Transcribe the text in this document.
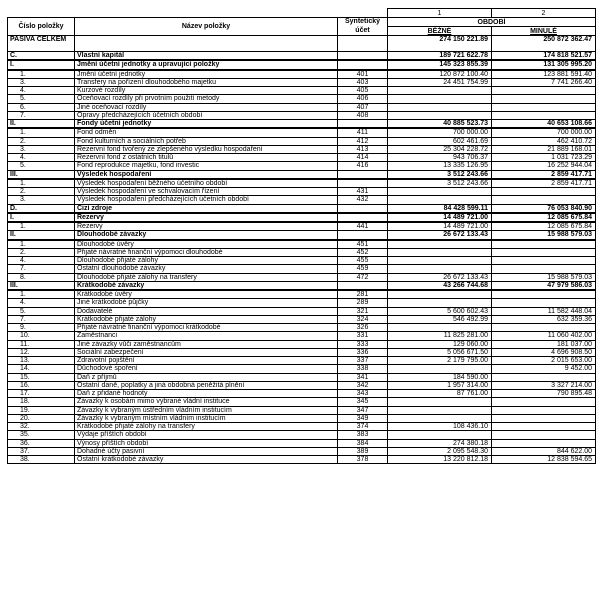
			1	2
Číslo položky	Název položky	Syntetický
účet	OBDOBÍ	
			BĚŽNÉ	MINULÉ
PASIVA CELKEM			274 150 221.89	250 872 362.47
C.	Vlastní kapitál		189 721 622.78	174 818 521.57
I.	Jmění účetní jednotky a upravující položky		145 323 855.39	131 305 995.20
1.	Jmění účetní jednotky	401	120 872 100.40	123 881 591.40
3.	Transfery na pořízení dlouhodobého majetku	403	24 451 754.99	7 741 266.40
4.	Kurzové rozdíly	405		
5.	Oceňovací rozdíly při prvotním použití metody	406		
6.	Jiné oceňovací rozdíly	407		
7.	Opravy předcházejících účetních období	408		
II.	Fondy účetní jednotky		40 885 523.73	40 653 108.66
1.	Fond odměn	411	700 000.00	700 000.00
2.	Fond kulturních a sociálních potřeb	412	602 461.69	462 410.72
3.	Rezervní fond tvořený ze zlepšeného výsledku hospodaření	413	25 304 228.72	21 889 168.01
4.	Rezervní fond z ostatních titulů	414	943 706.37	1 031 723.29
5.	Fond reprodukce majetku, fond investic	416	13 335 126.95	16 252 944.04
III.	Výsledek hospodaření		3 512 243.66	2 859 417.71
1.	Výsledek hospodaření běžného účetního období		3 512 243.66	2 859 417.71
2.	Výsledek hospodaření ve schvalovacím řízení	431		
3.	Výsledek hospodaření předcházejících účetních období	432		
D.	Cizí zdroje		84 428 599.11	76 053 840.90
I.	Rezervy		14 489 721.00	12 085 675.84
1.	Rezervy	441	14 489 721.00	12 085 675.84
II.	Dlouhodobé závazky		26 672 133.43	15 988 579.03
1.	Dlouhodobé úvěry	451		
2.	Přijaté návratné finanční výpomoci dlouhodobé	452		
4.	Dlouhodobé přijaté zálohy	455		
7.	Ostatní dlouhodobé závazky	459		
8.	Dlouhodobé přijaté zálohy na transfery	472	26 672 133.43	15 988 579.03
III.	Krátkodobé závazky		43 266 744.68	47 979 586.03
1.	Krátkodobé úvěry	281		
4.	Jiné krátkodobé půjčky	289		
5.	Dodavatelé	321	5 600 602.43	11 582 448.04
7.	Krátkodobé přijaté zálohy	324	546 492.99	632 359.36
9.	Přijaté návratné finanční výpomoci krátkodobé	326		
10.	Zaměstnanci	331	11 825 281.00	11 060 402.00
11.	Jiné závazky vůči zaměstnancům	333	129 060.00	181 037.00
12.	Sociální zabezpečení	336	5 056 671.50	4 696 908.50
13.	Zdravotní pojištění	337	2 179 795.00	2 015 653.00
14.	Důchodové spoření	338		9 452.00
15.	Daň z příjmů	341	184 590.00	
16.	Ostatní daně, poplatky a jiná obdobná peněžitá plnění	342	1 957 314.00	3 327 214.00
17.	Daň z přidané hodnoty	343	87 761.00	790 895.48
18.	Závazky k osobám mimo vybrané vládní instituce	345		
19.	Závazky k vybraným ústředním vládním institucím	347		
20.	Závazky k vybraným místním vládním institucím	349		
32.	Krátkodobé přijaté zálohy na transfery	374	108 436.10	
35.	Výdaje příštích období	383		
36.	Výnosy příštích období	384	274 380.18	
37.	Dohadné účty pasivní	389	2 095 548.30	844 622.00
38.	Ostatní krátkodobé závazky	378	13 220 812.18	12 838 594.65
